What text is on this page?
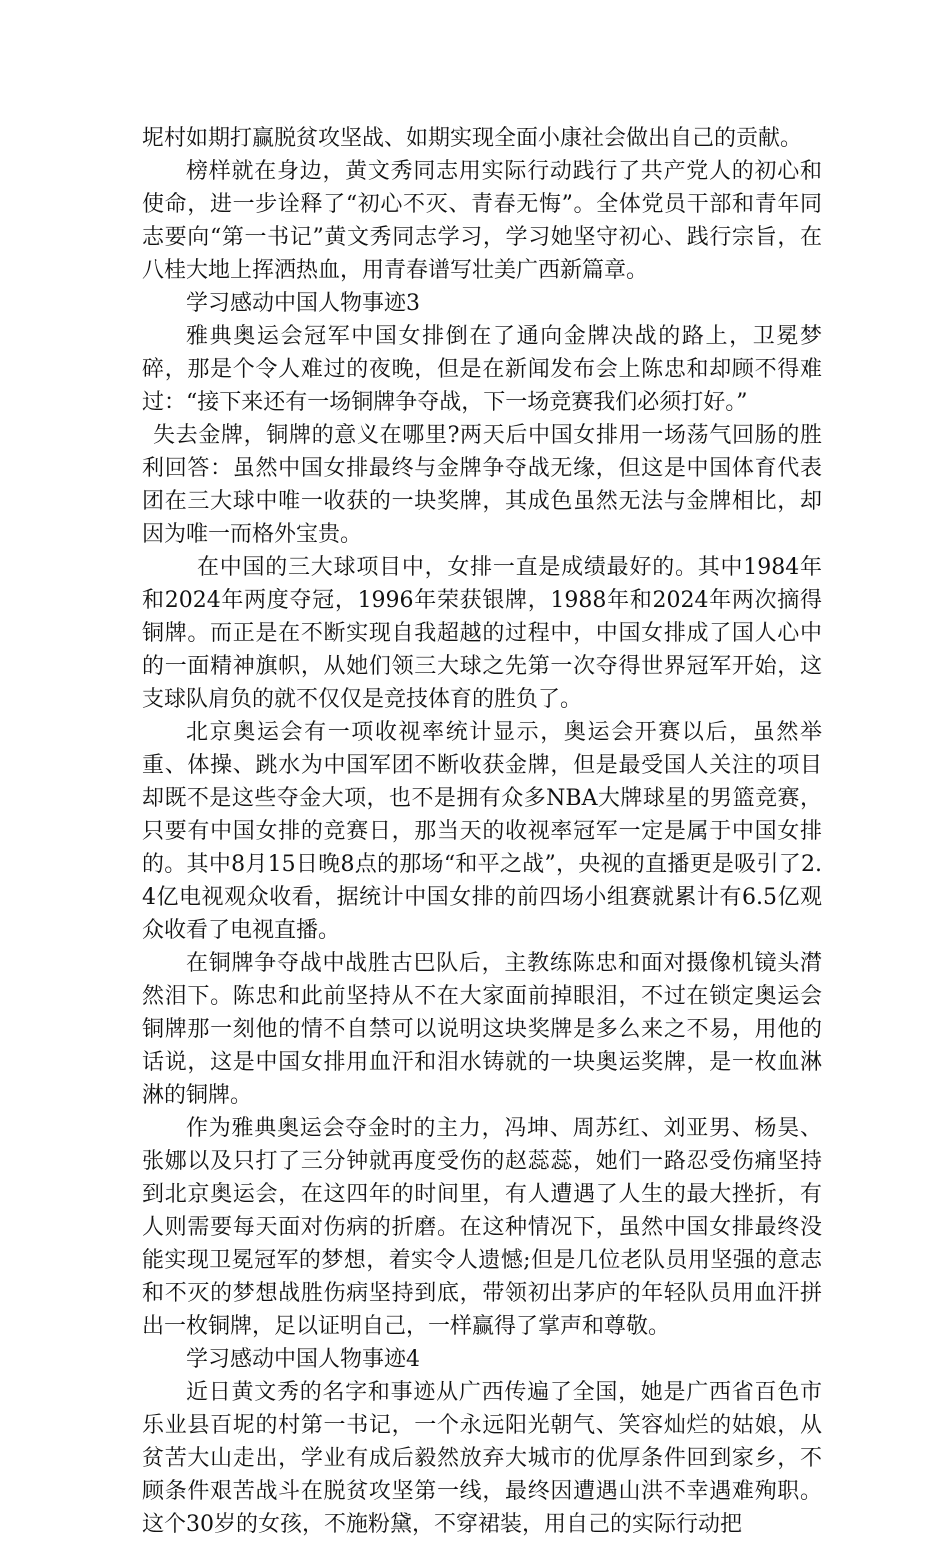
坭村如期打赢脱贫攻坚战、如期实现全面小康社会做出自己的贡献。

榜样就在身边，黄文秀同志用实际行动践行了共产党人的初心和使命，进一步诠释了“初心不灭、青春无悔”。全体党员干部和青年同志要向“第一书记”黄文秀同志学习，学习她坚守初心、践行宗旨，在八桂大地上挥洒热血，用青春谱写壮美广西新篇章。

学习感动中国人物事迹3

雅典奥运会冠军中国女排倒在了通向金牌决战的路上，卫冕梦碎，那是个令人难过的夜晚，但是在新闻发布会上陈忠和却顾不得难过：“接下来还有一场铜牌争夺战，下一场竞赛我们必须打好。”

失去金牌，铜牌的意义在哪里?两天后中国女排用一场荡气回肠的胜利回答：虽然中国女排最终与金牌争夺战无缘，但这是中国体育代表团在三大球中唯一收获的一块奖牌，其成色虽然无法与金牌相比，却因为唯一而格外宝贵。

在中国的三大球项目中，女排一直是成绩最好的。其中1984年和2024年两度夺冠，1996年荣获银牌，1988年和2024年两次摘得铜牌。而正是在不断实现自我超越的过程中，中国女排成了国人心中的一面精神旗帜，从她们领三大球之先第一次夺得世界冠军开始，这支球队肩负的就不仅仅是竞技体育的胜负了。

北京奥运会有一项收视率统计显示，奥运会开赛以后，虽然举重、体操、跳水为中国军团不断收获金牌，但是最受国人关注的项目却既不是这些夺金大项，也不是拥有众多NBA大牌球星的男篮竞赛，只要有中国女排的竞赛日，那当天的收视率冠军一定是属于中国女排的。其中8月15日晚8点的那场“和平之战”，央视的直播更是吸引了2.4亿电视观众收看，据统计中国女排的前四场小组赛就累计有6.5亿观众收看了电视直播。

在铜牌争夺战中战胜古巴队后，主教练陈忠和面对摄像机镜头潸然泪下。陈忠和此前坚持从不在大家面前掉眼泪，不过在锁定奥运会铜牌那一刻他的情不自禁可以说明这块奖牌是多么来之不易，用他的话说，这是中国女排用血汗和泪水铸就的一块奥运奖牌，是一枚血淋淋的铜牌。

作为雅典奥运会夺金时的主力，冯坤、周苏红、刘亚男、杨昊、张娜以及只打了三分钟就再度受伤的赵蕊蕊，她们一路忍受伤痛坚持到北京奥运会，在这四年的时间里，有人遭遇了人生的最大挫折，有人则需要每天面对伤病的折磨。在这种情况下，虽然中国女排最终没能实现卫冕冠军的梦想，着实令人遗憾;但是几位老队员用坚强的意志和不灭的梦想战胜伤病坚持到底，带领初出茅庐的年轻队员用血汗拼出一枚铜牌，足以证明自己，一样赢得了掌声和尊敬。

学习感动中国人物事迹4

近日黄文秀的名字和事迹从广西传遍了全国，她是广西省百色市乐业县百坭的村第一书记，一个永远阳光朝气、笑容灿烂的姑娘，从贫苦大山走出，学业有成后毅然放弃大城市的优厚条件回到家乡，不顾条件艰苦战斗在脱贫攻坚第一线，最终因遭遇山洪不幸遇难殉职。这个30岁的女孩，不施粉黛，不穿裙装，用自己的实际行动把
